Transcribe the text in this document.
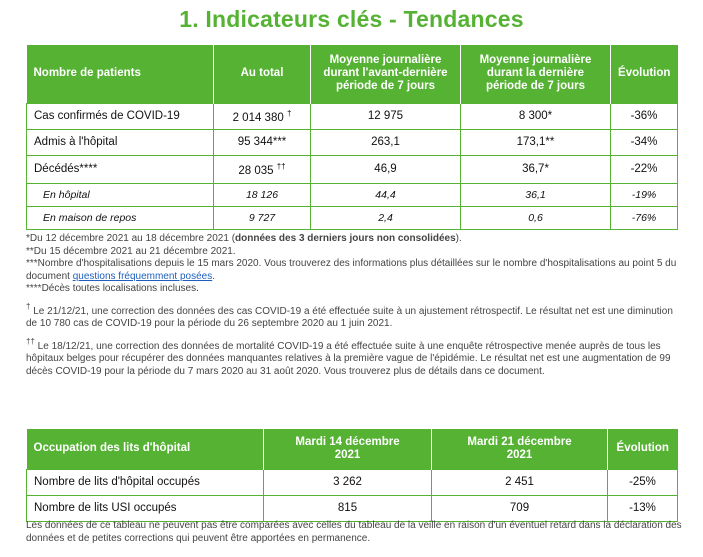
1. Indicateurs clés - Tendances
Nombre de patients	Au total	Moyenne journalière durant l'avant-dernière période de 7 jours	Moyenne journalière durant la dernière période de 7 jours	Évolution
Cas confirmés de COVID-19	2 014 380 †	12 975	8 300*	-36%
Admis à l'hôpital	95 344***	263,1	173,1**	-34%
Décédés****	28 035 ††	46,9	36,7*	-22%
En hôpital	18 126	44,4	36,1	-19%
En maison de repos	9 727	2,4	0,6	-76%

*Du 12 décembre 2021 au 18 décembre 2021 (données des 3 derniers jours non consolidées).

**Du 15 décembre 2021 au 21 décembre 2021.

***Nombre d'hospitalisations depuis le 15 mars 2020. Vous trouverez des informations plus détaillées sur le nombre d'hospitalisations au point 5 du document questions fréquemment posées.

****Décès toutes localisations incluses.

† Le 21/12/21, une correction des données des cas COVID-19 a été effectuée suite à un ajustement rétrospectif. Le résultat net est une diminution de 10 780 cas de COVID-19 pour la période du 26 septembre 2020 au 1 juin 2021.

†† Le 18/12/21, une correction des données de mortalité COVID-19 a été effectuée suite à une enquête rétrospective menée auprès de tous les hôpitaux belges pour récupérer des données manquantes relatives à la première vague de l'épidémie. Le résultat net est une augmentation de 99 décès COVID-19 pour la période du 7 mars 2020 au 31 août 2020. Vous trouverez plus de détails dans ce document.

Occupation des lits d'hôpital	Mardi 14 décembre 2021	Mardi 21 décembre 2021	Évolution
Nombre de lits d'hôpital occupés	3 262	2 451	-25%
Nombre de lits USI occupés	815	709	-13%
Les données de ce tableau ne peuvent pas être comparées avec celles du tableau de la veille en raison d'un éventuel retard dans la déclaration des données et de petites corrections qui peuvent être apportées en permanence.
